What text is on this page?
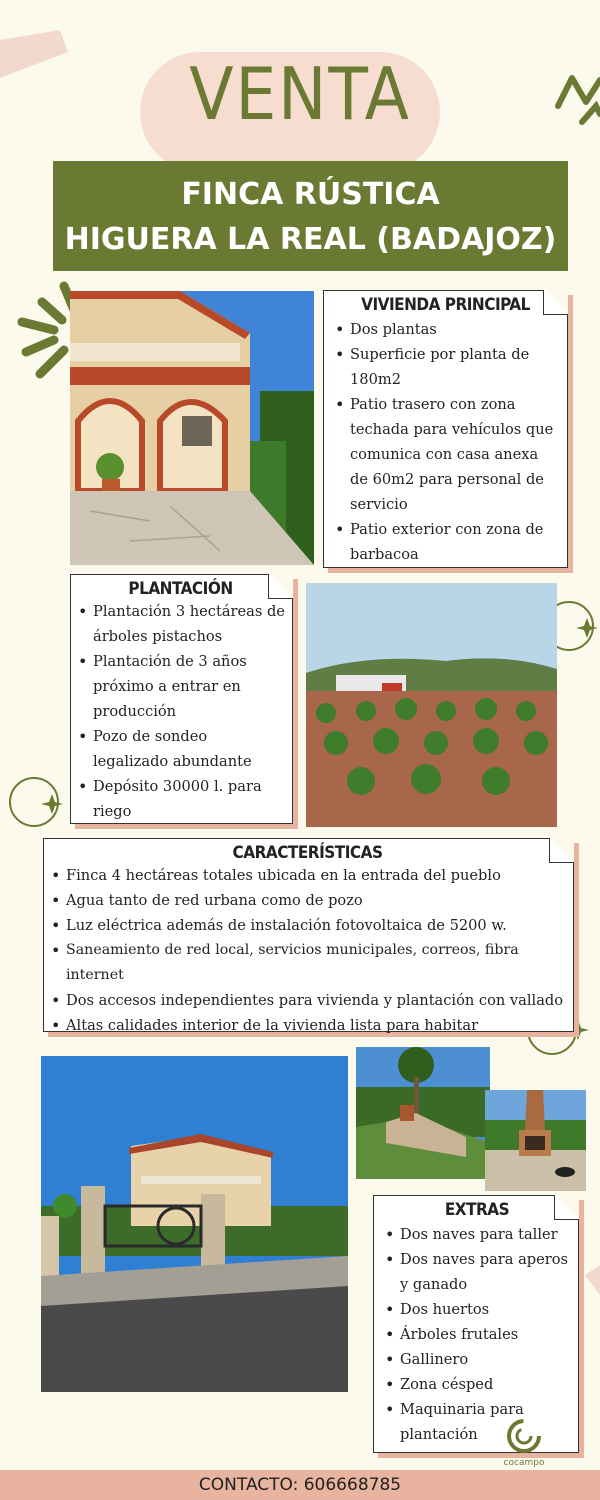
VENTA
FINCA RÚSTICA
HIGUERA LA REAL (BADAJOZ)
VIVIENDA PRINCIPAL
• Dos plantas
• Superficie por planta de 180m2
• Patio trasero con zona techada para vehículos que comunica con casa anexa de 60m2 para personal de servicio
• Patio exterior con zona de barbacoa
PLANTACIÓN
• Plantación 3 hectáreas de árboles pistachos
• Plantación de 3 años próximo a entrar en producción
• Pozo de sondeo legalizado abundante
• Depósito 30000 l. para riego
CARACTERÍSTICAS
• Finca 4 hectáreas totales ubicada en la entrada del pueblo
• Agua tanto de red urbana como de pozo
• Luz eléctrica además de instalación fotovoltaica de 5200 w.
• Saneamiento de red local, servicios municipales, correos, fibra internet
• Dos accesos independientes para vivienda y plantación con vallado
• Altas calidades interior de la vivienda lista para habitar
EXTRAS
• Dos naves para taller
• Dos naves para aperos y ganado
• Dos huertos
• Árboles frutales
• Gallinero
• Zona césped
• Maquinaria para plantación
cocampo
CONTACTO: 606668785
